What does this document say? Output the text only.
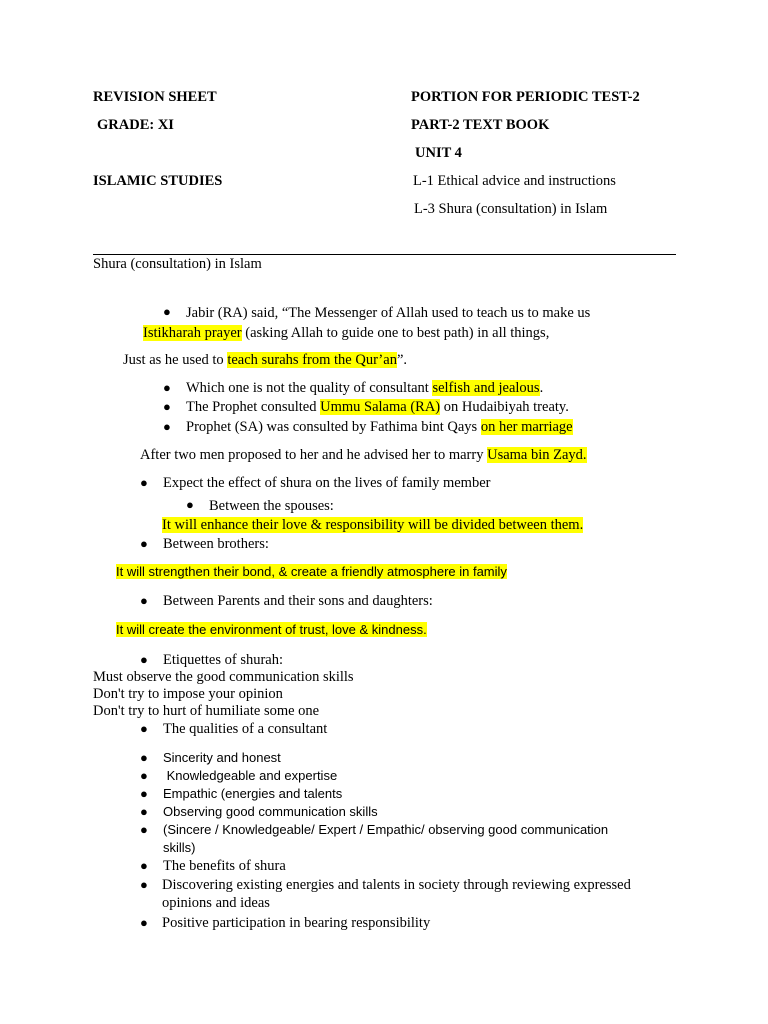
REVISION SHEET
GRADE: XI
ISLAMIC STUDIES
PORTION FOR PERIODIC TEST-2
PART-2 TEXT BOOK
UNIT 4
L-1 Ethical advice and instructions
L-3 Shura (consultation) in Islam
Shura (consultation) in Islam
● Jabir (RA) said, “The Messenger of Allah used to teach us to make us
Istikharah prayer (asking Allah to guide one to best path) in all things,
Just as he used to teach surahs from the Qur’an”.
● Which one is not the quality of consultant selfish and jealous.
● The Prophet consulted Ummu Salama (RA) on Hudaibiyah treaty.
● Prophet (SA) was consulted by Fathima bint Qays on her marriage
After two men proposed to her and he advised her to marry Usama bin Zayd.
● Expect the effect of shura on the lives of family member
● Between the spouses:
It will enhance their love & responsibility will be divided between them.
● Between brothers:
It will strengthen their bond, & create a friendly atmosphere in family
● Between Parents and their sons and daughters:
It will create the environment of trust, love & kindness.
● Etiquettes of shurah:
Must observe the good communication skills
Don't try to impose your opinion
Don't try to hurt of humiliate some one
● The qualities of a consultant
● Sincerity and honest
● Knowledgeable and expertise
● Empathic (energies and talents
● Observing good communication skills
● (Sincere / Knowledgeable/ Expert / Empathic/ observing good communication
skills)
● The benefits of shura
● Discovering existing energies and talents in society through reviewing expressed
opinions and ideas
● Positive participation in bearing responsibility
